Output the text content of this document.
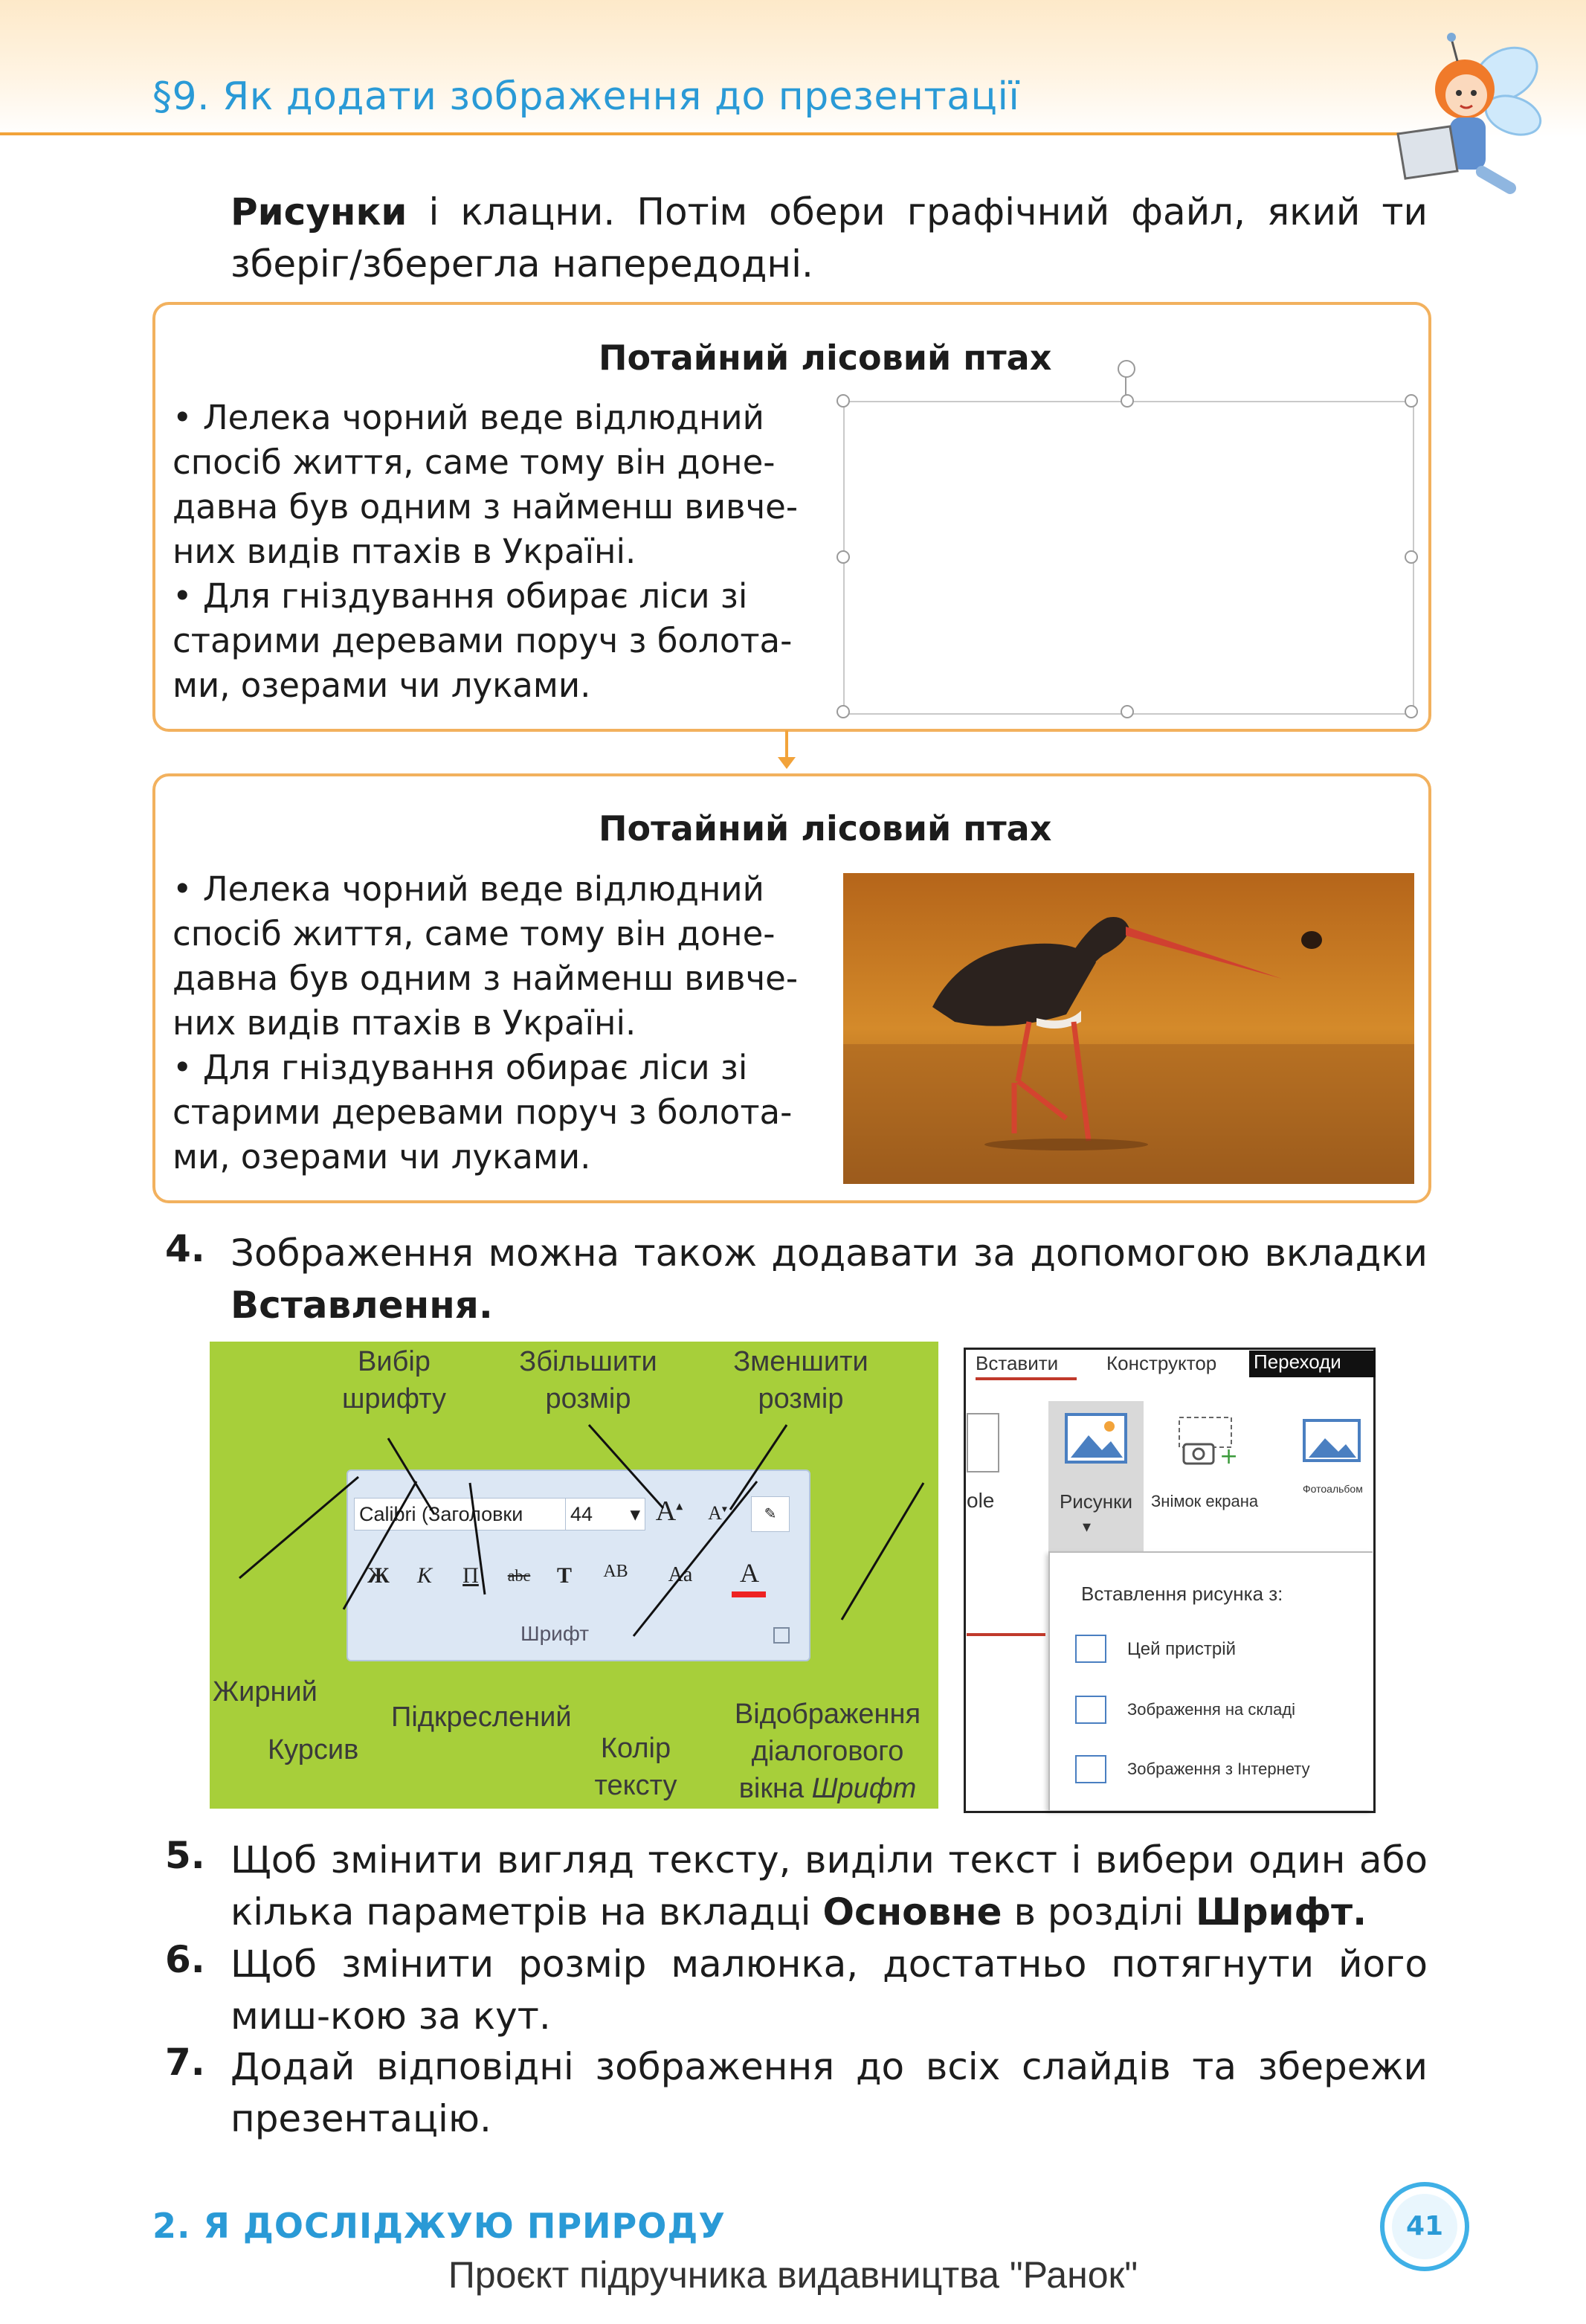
§9. Як додати зображення до презентації
Рисунки і клацни. Потім обери графічний файл, який ти зберіг/зберегла напередодні.
Потайний лісовий птах
• Лелека чорний веде відлюдний спосіб життя, саме тому він доне-давна був одним з найменш вивче-них видів птахів в Україні.
• Для гніздування обирає ліси зі старими деревами поруч з болота-ми, озерами чи луками.
Потайний лісовий птах
• Лелека чорний веде відлюдний спосіб життя, саме тому він доне-давна був одним з найменш вивче-них видів птахів в Україні.
• Для гніздування обирає ліси зі старими деревами поруч з болота-ми, озерами чи луками.
4. Зображення можна також додавати за допомогою вкладки Вставлення.
Вибір
шрифту
Збільшити
розмір
Зменшити
розмір
Calibri (Заголовки	44 ▾ A▴ A▾	✎
Ж К П	abc T AB	Aa A
Шрифт
Жирний
Курсив
Підкреслений
Колір
тексту
Відображення
діалогового
вікна Шрифт
Вставити Конструктор Переходи
ole	Рисунки
▾
+
Знімок екрана
Фотоальбом
Вставлення рисунка з:
Цей пристрій
Зображення на складі
Зображення з Інтернету
5. Щоб змінити вигляд тексту, виділи текст і вибери один або кілька параметрів на вкладці Основне в розділі Шрифт.
6. Щоб змінити розмір малюнка, достатньо потягнути його миш-кою за кут.
7. Додай відповідні зображення до всіх слайдів та збережи презентацію.
2. Я ДОСЛІДЖУЮ ПРИРОДУ	41
Проєкт підручника видавництва "Ранок"
